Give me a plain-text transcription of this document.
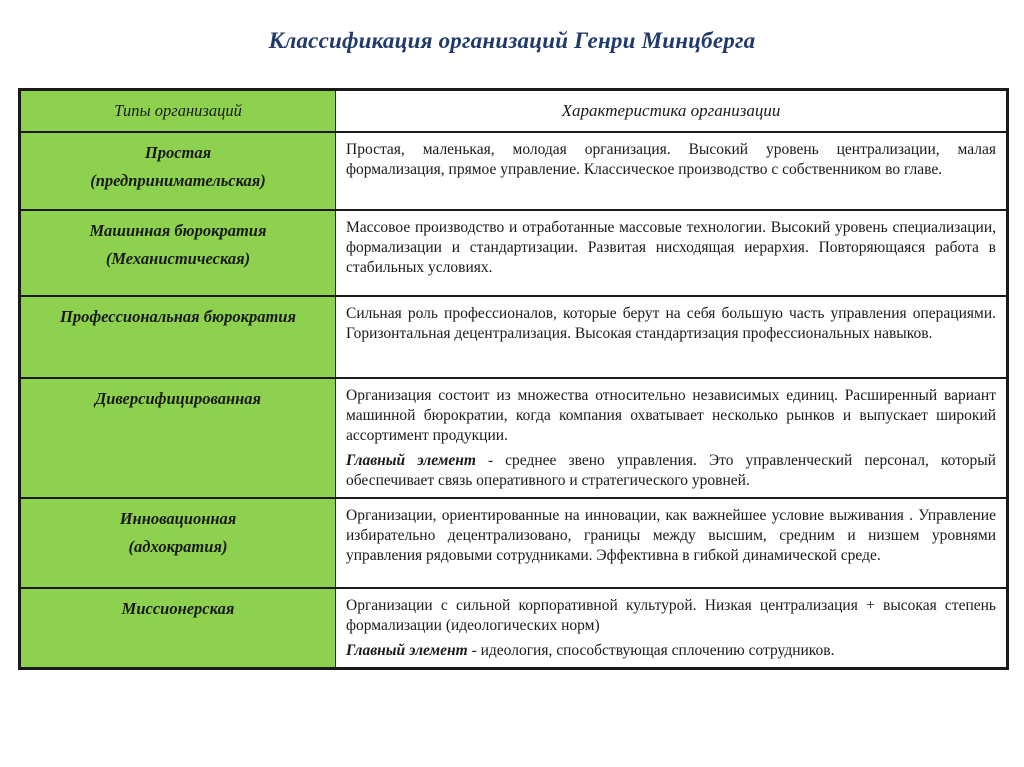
Классификация организаций Генри Минцберга
Типы организаций	Характеристика организации

Простая
(предпринимательская)	Простая, маленькая, молодая организация. Высокий уровень централизации, малая формализация, прямое управление. Классическое производство с собственником во главе.

Машинная бюрократия
(Механистическая)	Массовое производство и отработанные массовые технологии. Высокий уровень специализации, формализации и стандартизации. Развитая нисходящая иерархия. Повторяющаяся работа в стабильных условиях.

Профессиональная бюрократия	Сильная роль профессионалов, которые берут на себя большую часть управления операциями. Горизонтальная децентрализация. Высокая стандартизация профессиональных навыков.

Диверсифицированная	Организация состоит из множества относительно независимых единиц. Расширенный вариант машинной бюрократии, когда компания охватывает несколько рынков и выпускает широкий ассортимент продукции.

Главный элемент - среднее звено управления. Это управленческий персонал, который обеспечивает связь оперативного и стратегического уровней.

Инновационная
(адхократия)	Организации, ориентированные на инновации, как важнейшее условие выживания . Управление избирательно децентрализовано, границы между высшим, средним и низшем уровнями управления рядовыми сотрудниками. Эффективна в гибкой динамической среде.

Миссионерская	Организации с сильной корпоративной культурой. Низкая централизация + высокая степень формализации (идеологических норм)

Главный элемент - идеология, способствующая сплочению сотрудников.
